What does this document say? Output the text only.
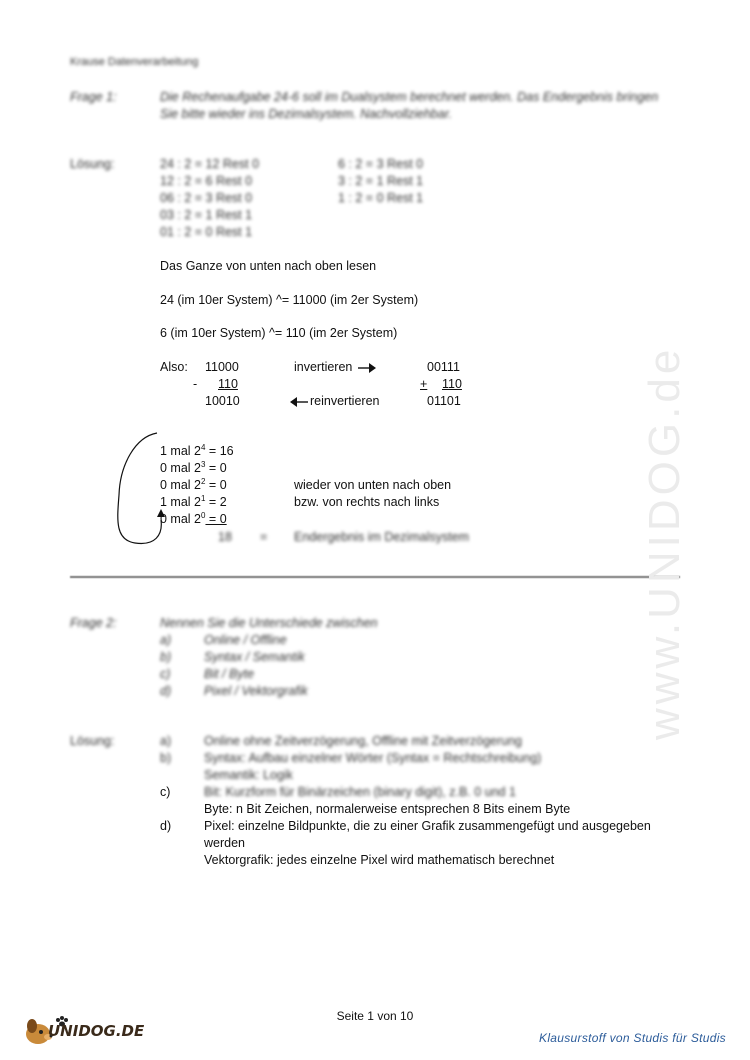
Krause Datenverarbeitung
Frage 1:	Die Rechenaufgabe 24-6 soll im Dualsystem berechnet werden. Das Endergebnis bringen
Sie bitte wieder ins Dezimalsystem. Nachvollziehbar.
Lösung:	24 : 2 = 12 Rest 0
12 : 2 = 6 Rest 0
06 : 2 = 3 Rest 0
03 : 2 = 1 Rest 1
01 : 2 = 0 Rest 1
6 : 2 = 3 Rest 0
3 : 2 = 1 Rest 1
1 : 2 = 0 Rest 1
Das Ganze von unten nach oben lesen
24 (im 10er System) ^= 11000 (im 2er System)
6 (im 10er System) ^= 110 (im 2er System)
Also: 11000	invertieren	00111
- 110	+ 110
10010	reinvertieren	01101
1 mal $2^4 = 16$
0 mal $2^3 = 0$
0 mal $2^2 = 0$
1 mal $2^1 = 2$
0 mal $2^0 = 0$
wieder von unten nach oben
bzw. von rechts nach links
18 = Endergebnis im Dezimalsystem
Frage 2:	Nennen Sie die Unterschiede zwischen
a)	Online / Offline
b)	Syntax / Semantik
c)	Bit / Byte
d)	Pixel / Vektorgrafik
Lösung:	a)	Online ohne Zeitverzögerung, Offline mit Zeitverzögerung
b)	Syntax: Aufbau einzelner Wörter (Syntax = Rechtschreibung)
Semantik: Logik
c)	Bit: Kurzform für Binärzeichen (binary digit), z.B. 0 und 1
Byte: n Bit Zeichen, normalerweise entsprechen 8 Bits einem Byte
d)	Pixel: einzelne Bildpunkte, die zu einer Grafik zusammengefügt und ausgegeben
werden
Vektorgrafik: jedes einzelne Pixel wird mathematisch berechnet
www.UNIDOG.de
Seite 1 von 10
UNIDOG.DE	Klausurstoff von Studis für Studis
